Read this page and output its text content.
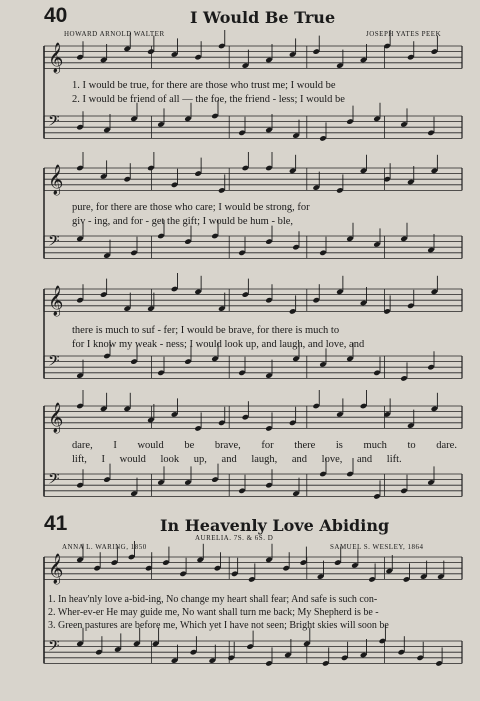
40	I Would Be True
HOWARD ARNOLD WALTER	JOSEPH YATES PEEK
𝄞
𝄢
𝄞
𝄢
𝄞
𝄢
𝄞
𝄢
𝄞
𝄢
1. I would be true, for there are those who trust me; I would be
2. I would be friend of all — the foe, the friend - less; I would be
pure, for there are those who care; I would be strong, for
giv - ing, and for - get the gift; I would be hum - ble,
there is much to suf - fer; I would be brave, for there is much to
for I know my weak - ness; I would look up, and laugh, and love, and
dare, I would be brave, for there is much to dare.
lift, I would look up, and laugh, and love, and lift.
41	In Heavenly Love Abiding
AURELIA. 7S. & 6S. D
ANNA L. WARING, 1850	SAMUEL S. WESLEY, 1864
1. In heav'nly love a-bid-ing, No change my heart shall fear; And safe is such con-
2. Wher-ev-er He may guide me, No want shall turn me back; My Shepherd is be -
3. Green pastures are before me, Which yet I have not seen; Bright skies will soon be
